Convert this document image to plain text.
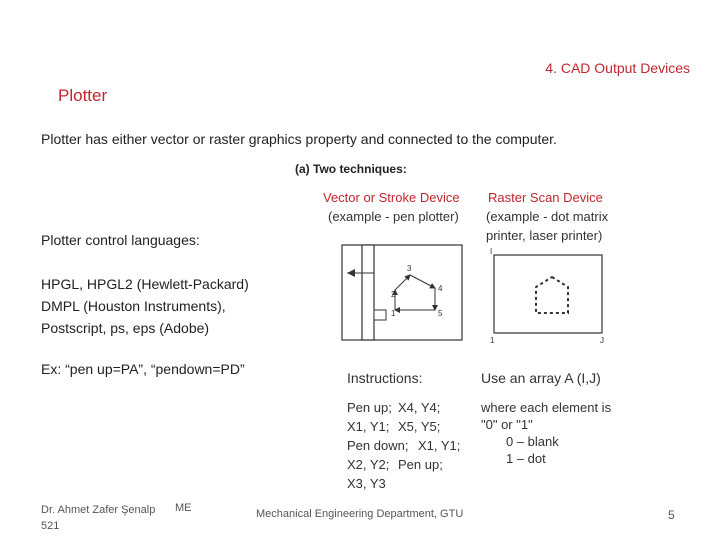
4. CAD Output Devices
Plotter
Plotter has either vector or raster graphics property and connected to the computer.
Plotter control languages:
HPGL, HPGL2 (Hewlett-Packard)
DMPL (Houston Instruments),
Postscript, ps, eps (Adobe)
Ex: “pen up=PA”, “pendown=PD”
(a) Two techniques:
Vector or Stroke Device
(example - pen plotter)
Raster Scan Device
(example - dot matrix
printer, laser printer)
1
2
3
4
5
I
1	J
Instructions:
Pen up; X4, Y4;
X1, Y1; X5, Y5;
Pen down; X1, Y1;
X2, Y2; Pen up;
X3, Y3
Use an array A (I,J)
where each element is
"0" or "1"
0 – blank
1 – dot
Dr. Ahmet Zafer Şenalp
521
ME	Mechanical Engineering Department, GTU	5
